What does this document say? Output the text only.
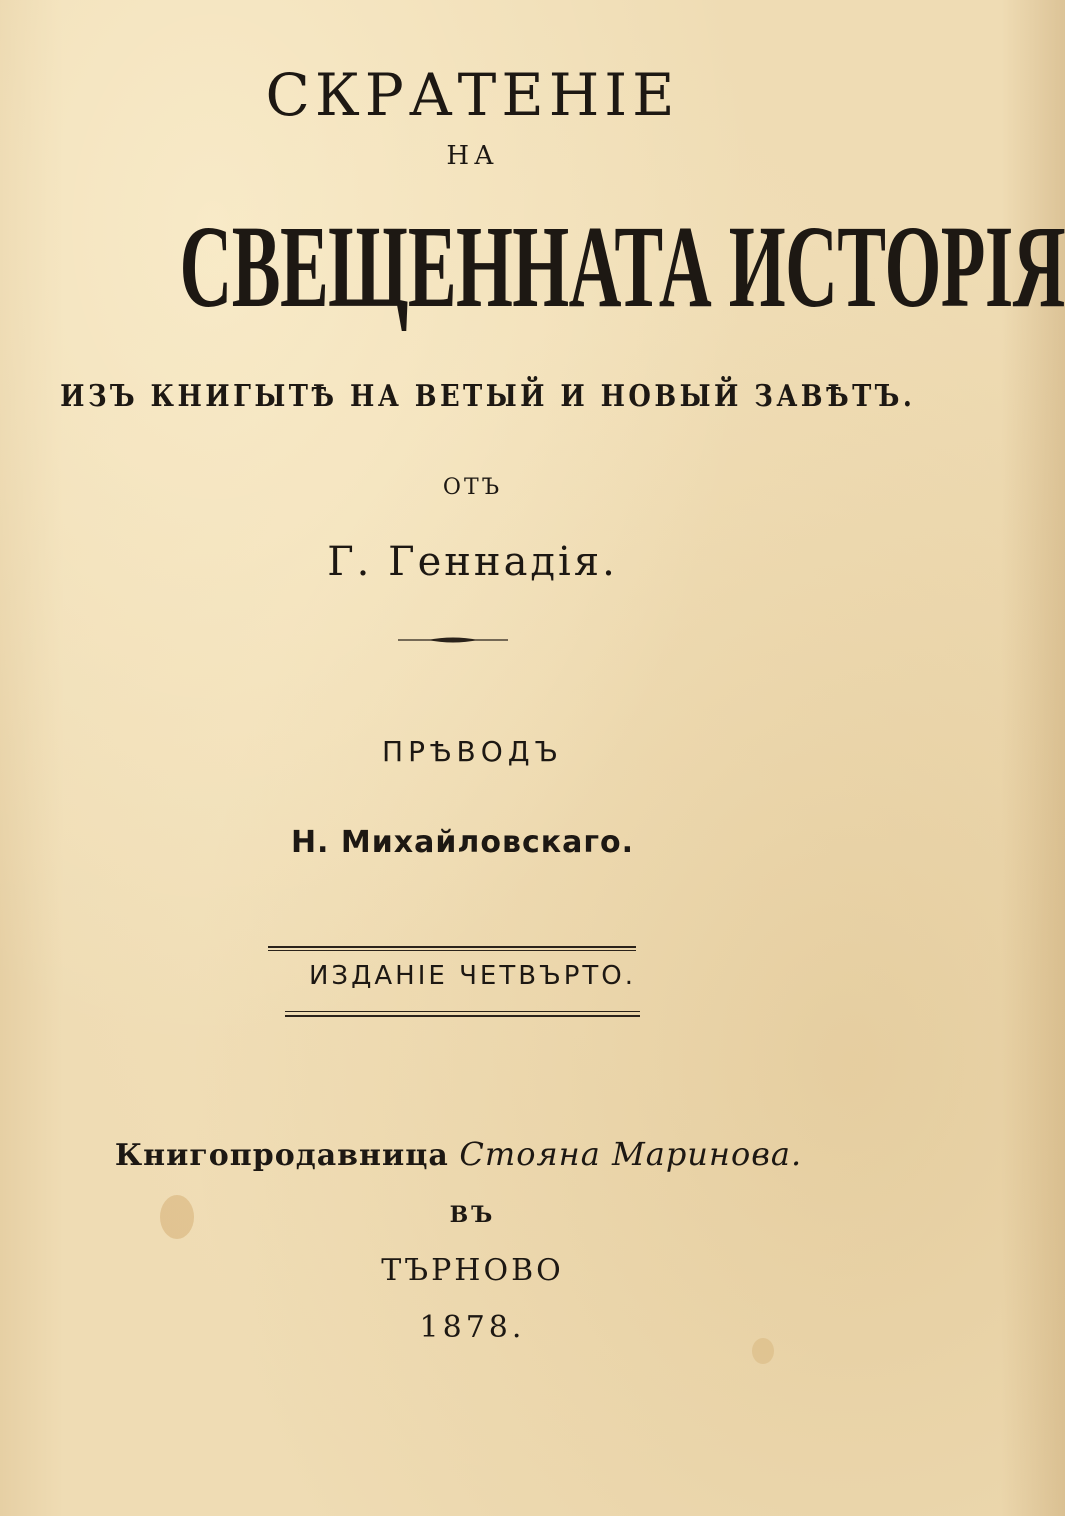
СКРАТЕНІЕ
НА
СВЕЩЕННАТА ИСТОРІЯ
ИЗЪ КНИГЫТѢ НА ВЕТЫЙ И НОВЫЙ ЗАВѢТЪ.
ОТЪ
Г. Геннадія.
ПРѢВОДЪ
Н. Михайловскаго.
ИЗДАНІЕ ЧЕТВЪРТО.
Книгопродавница Стояна Маринова.
ВЪ
ТЪРНОВО
1878.
